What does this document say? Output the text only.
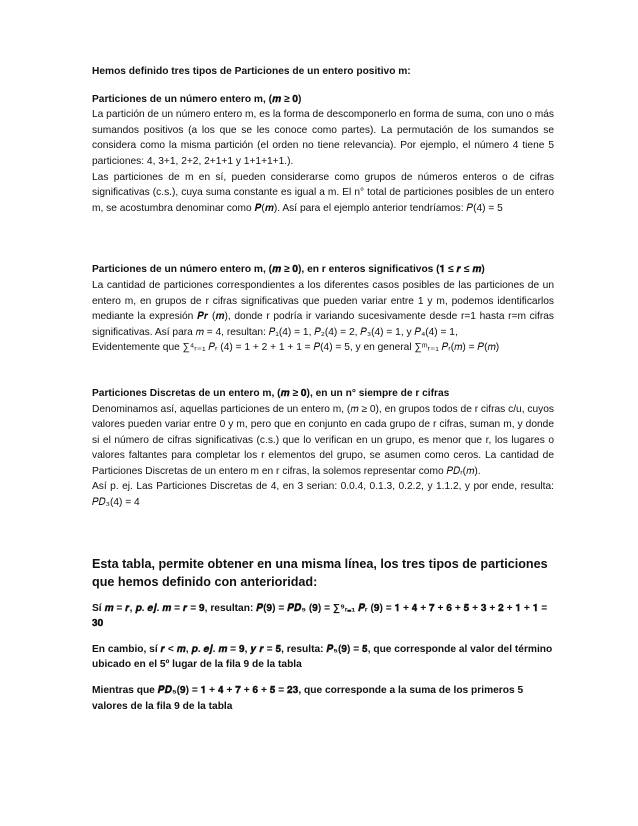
Hemos definido tres tipos de Particiones de un entero positivo m:

Particiones de un número entero m, (𝒎 ≥ 𝟎)

La partición de un número entero m, es la forma de descomponerlo en forma de suma, con uno o más sumandos positivos (a los que se les conoce como partes). La permutación de los sumandos se considera como la misma partición (el orden no tiene relevancia). Por ejemplo, el número 4 tiene 5 particiones: 4, 3+1, 2+2, 2+1+1 y 1+1+1+1.).

Las particiones de m en sí, pueden considerarse como grupos de números enteros o de cifras significativas (c.s.), cuya suma constante es igual a m. El n° total de particiones posibles de un entero m, se acostumbra denominar como 𝑷(𝒎). Así para el ejemplo anterior tendríamos: 𝑃(4) = 5

Particiones de un número entero m, (𝒎 ≥ 𝟎), en r enteros significativos (𝟏 ≤ 𝒓 ≤ 𝒎)

La cantidad de particiones correspondientes a los diferentes casos posibles de las particiones de un entero m, en grupos de r cifras significativas que pueden variar entre 1 y m, podemos identificarlos mediante la expresión 𝑷𝒓 (𝒎), donde r podría ir variando sucesivamente desde r=1 hasta r=m cifras significativas. Así para 𝑚 = 4, resultan: 𝑃₁(4) = 1, 𝑃₂(4) = 2, 𝑃₃(4) = 1, y 𝑃₄(4) = 1,

Evidentemente que ∑⁴ᵣ₌₁ 𝑃ᵣ (4) = 1 + 2 + 1 + 1 = 𝑃(4) = 5, y en general ∑ᵐᵣ₌₁ 𝑃ᵣ(𝑚) = 𝑃(𝑚)

Particiones Discretas de un entero m, (𝒎 ≥ 𝟎), en un n° siempre de r cifras

Denominamos así, aquellas particiones de un entero m, (𝑚 ≥ 0), en grupos todos de r cifras c/u, cuyos valores pueden variar entre 0 y m, pero que en conjunto en cada grupo de r cifras, suman m, y donde si el número de cifras significativas (c.s.) que lo verifican en un grupo, es menor que r, los lugares o valores faltantes para completar los r elementos del grupo, se asumen como ceros. La cantidad de Particiones Discretas de un entero m en r cifras, la solemos representar como 𝑃𝐷ᵣ(𝑚).

Así p. ej. Las Particiones Discretas de 4, en 3 serian: 0.0.4, 0.1.3, 0.2.2, y 1.1.2, y por ende, resulta: 𝑃𝐷₃(4) = 4

Esta tabla, permite obtener en una misma línea, los tres tipos de particiones que hemos definido con anterioridad:

Sí 𝒎 = 𝒓, 𝒑. 𝒆𝒋. 𝒎 = 𝒓 = 𝟗, resultan: 𝑷(𝟗) = 𝑷𝑫₉ (𝟗) = ∑⁹ᵣ₌₁ 𝑷ᵣ (𝟗) = 𝟏 + 𝟒 + 𝟕 + 𝟔 + 𝟓 + 𝟑 + 𝟐 + 𝟏 + 𝟏 = 𝟑𝟎

En cambio, sí 𝒓 < 𝒎, 𝒑. 𝒆𝒋. 𝒎 = 𝟗, 𝒚 𝒓 = 𝟓, resulta: 𝑷₅(𝟗) = 𝟓, que corresponde al valor del término ubicado en el 5º lugar de la fila 9 de la tabla

Mientras que 𝑷𝑫₅(𝟗) = 𝟏 + 𝟒 + 𝟕 + 𝟔 + 𝟓 = 𝟐𝟑, que corresponde a la suma de los primeros 5 valores de la fila 9 de la tabla
